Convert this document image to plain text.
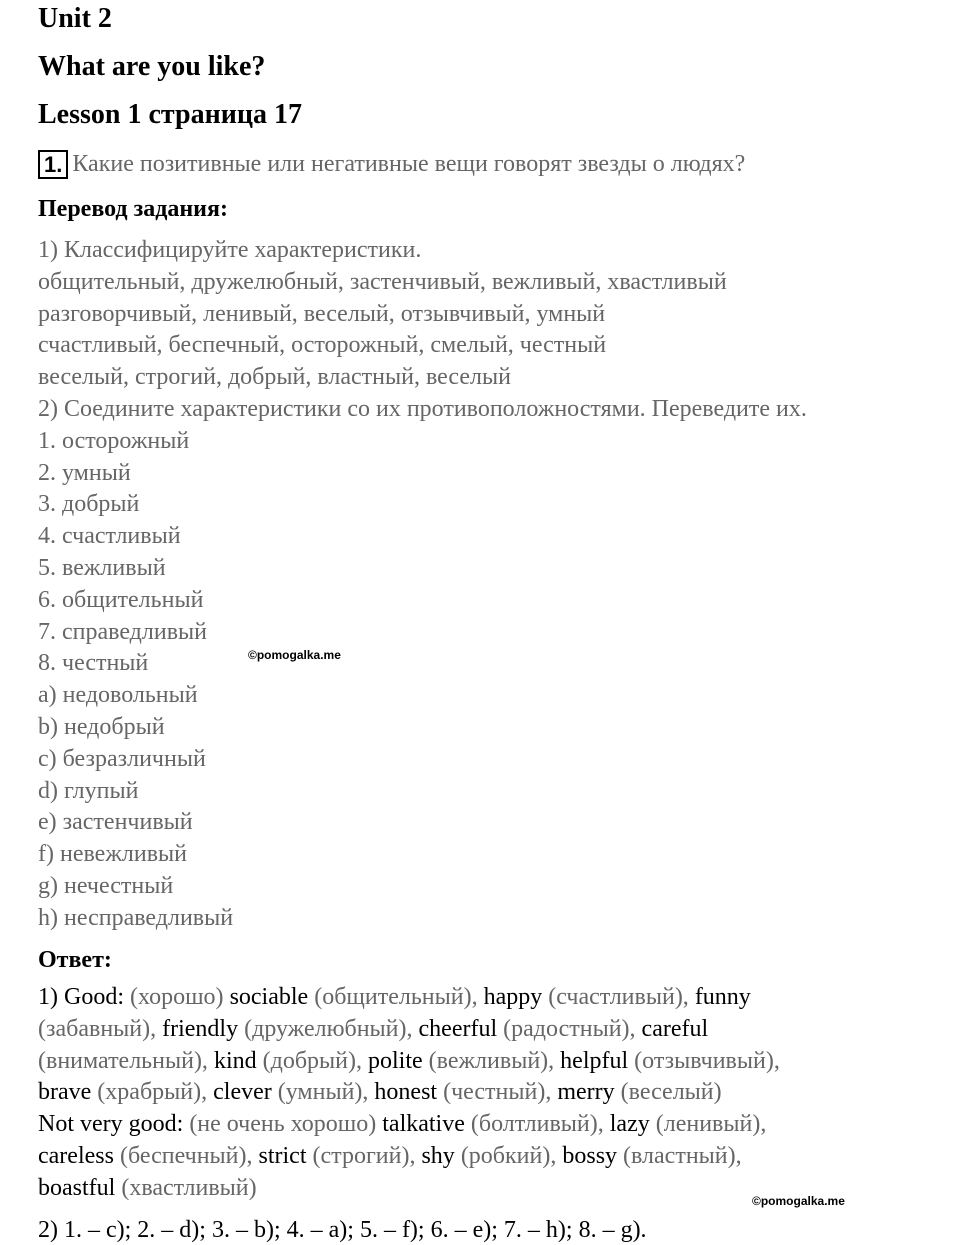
Unit 2
What are you like?
Lesson 1 страница 17
1. Какие позитивные или негативные вещи говорят звезды о людях?
Перевод задания:
1) Классифицируйте характеристики.
общительный, дружелюбный, застенчивый, вежливый, хвастливый
разговорчивый, ленивый, веселый, отзывчивый, умный
счастливый, беспечный, осторожный, смелый, честный
веселый, строгий, добрый, властный, веселый
2) Соедините характеристики со их противоположностями. Переведите их.
1. осторожный
2. умный
3. добрый
4. счастливый
5. вежливый
6. общительный
7. справедливый
8. честный
a) недовольный
b) недобрый
c) безразличный
d) глупый
e) застенчивый
f) невежливый
g) нечестный
h) несправедливый
©pomogalka.me
Ответ:
1) Good: (хорошо) sociable (общительный), happy (счастливый), funny
(забавный), friendly (дружелюбный), cheerful (радостный), careful
(внимательный), kind (добрый), polite (вежливый), helpful (отзывчивый),
brave (храбрый), clever (умный), honest (честный), merry (веселый)
Not very good: (не очень хорошо) talkative (болтливый), lazy (ленивый),
careless (беспечный), strict (строгий), shy (робкий), bossy (властный),
boastful (хвастливый)
©pomogalka.me
2) 1. – c); 2. – d); 3. – b); 4. – a); 5. – f); 6. – e); 7. – h); 8. – g).
